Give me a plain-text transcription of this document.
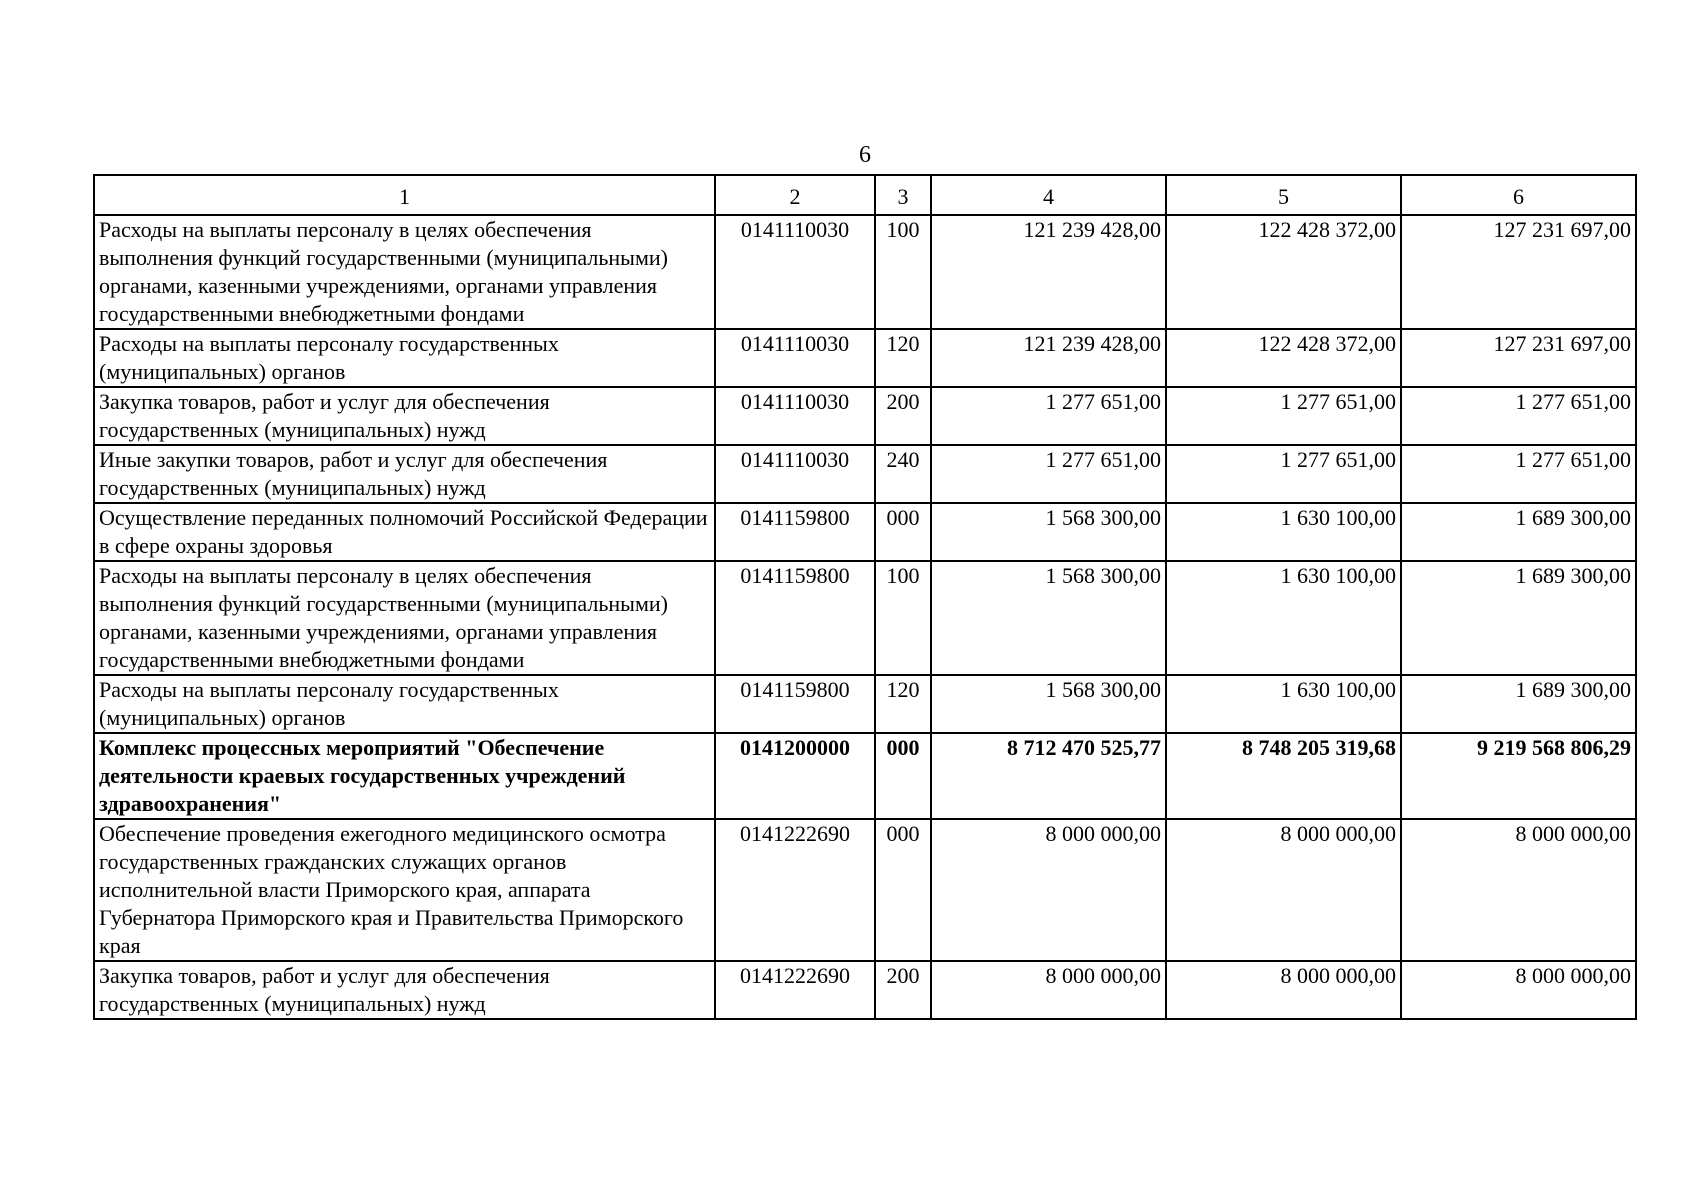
6
1	2	3	4	5	6
Расходы на выплаты персоналу в целях обеспечения выполнения функций государственными (муниципальными) органами, казенными учреждениями, органами управления государственными внебюджетными фондами	0141110030	100	121 239 428,00	122 428 372,00	127 231 697,00
Расходы на выплаты персоналу государственных (муниципальных) органов	0141110030	120	121 239 428,00	122 428 372,00	127 231 697,00
Закупка товаров, работ и услуг для обеспечения государственных (муниципальных) нужд	0141110030	200	1 277 651,00	1 277 651,00	1 277 651,00
Иные закупки товаров, работ и услуг для обеспечения государственных (муниципальных) нужд	0141110030	240	1 277 651,00	1 277 651,00	1 277 651,00
Осуществление переданных полномочий Российской Федерации в сфере охраны здоровья	0141159800	000	1 568 300,00	1 630 100,00	1 689 300,00
Расходы на выплаты персоналу в целях обеспечения выполнения функций государственными (муниципальными) органами, казенными учреждениями, органами управления государственными внебюджетными фондами	0141159800	100	1 568 300,00	1 630 100,00	1 689 300,00
Расходы на выплаты персоналу государственных (муниципальных) органов	0141159800	120	1 568 300,00	1 630 100,00	1 689 300,00
Комплекс процессных мероприятий "Обеспечение деятельности краевых государственных учреждений здравоохранения"	0141200000	000	8 712 470 525,77	8 748 205 319,68	9 219 568 806,29
Обеспечение проведения ежегодного медицинского осмотра государственных гражданских служащих органов исполнительной власти Приморского края, аппарата Губернатора Приморского края и Правительства Приморского края	0141222690	000	8 000 000,00	8 000 000,00	8 000 000,00
Закупка товаров, работ и услуг для обеспечения государственных (муниципальных) нужд	0141222690	200	8 000 000,00	8 000 000,00	8 000 000,00
